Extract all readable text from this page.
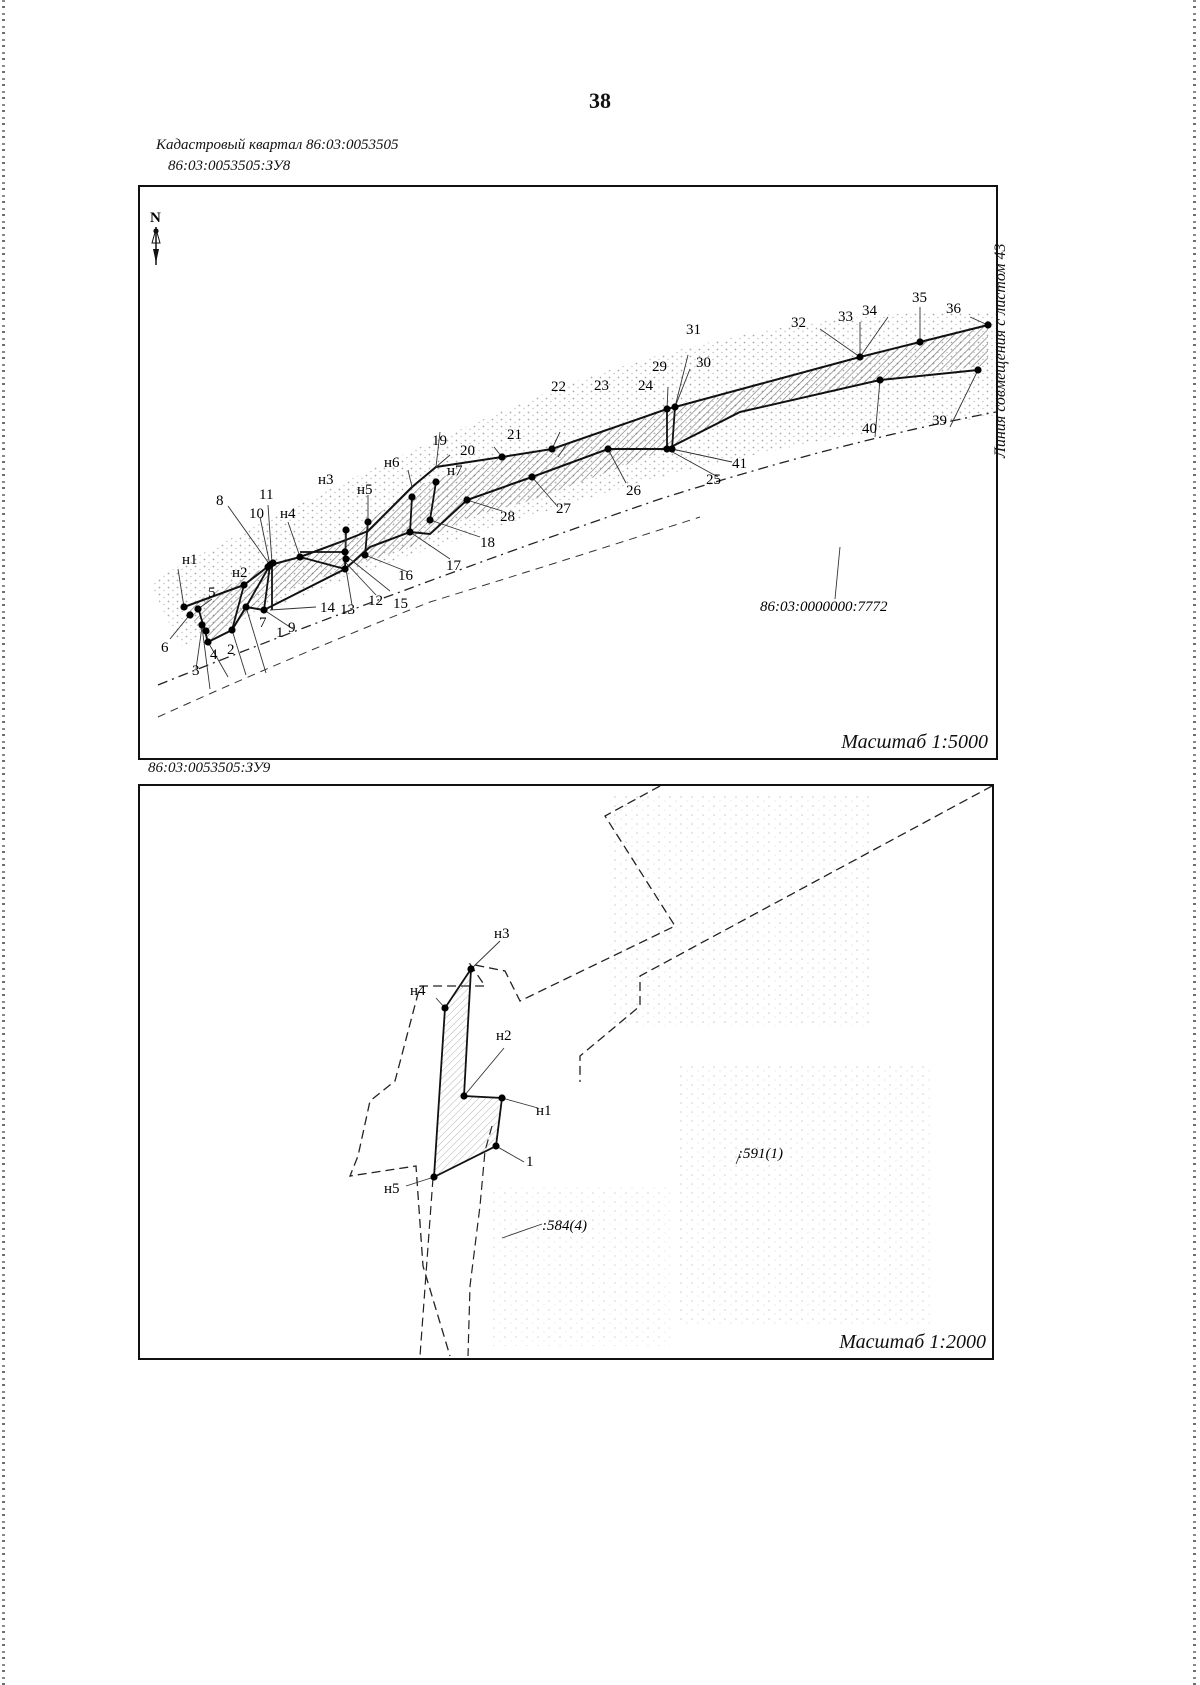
38
Кадастровый квартал 86:03:0053505
86:03:0053505:ЗУ8
N
н1
н2
н3
н4
н5
н6	н7
1
2
3
4
5
6
7
8
9
10
11
12
13
14	15
16
17
18
19
20
21
22 23 24
25
26
27
28
29 30
31	32 33 34
35
36
39
40
41
86:03:0000000:7772
Масштаб 1:5000
Линия совмещения с листом 43
86:03:0053505:ЗУ9
н1
н2
н3
н4
н5
1	:591(1)
:584(4)
Масштаб 1:2000
